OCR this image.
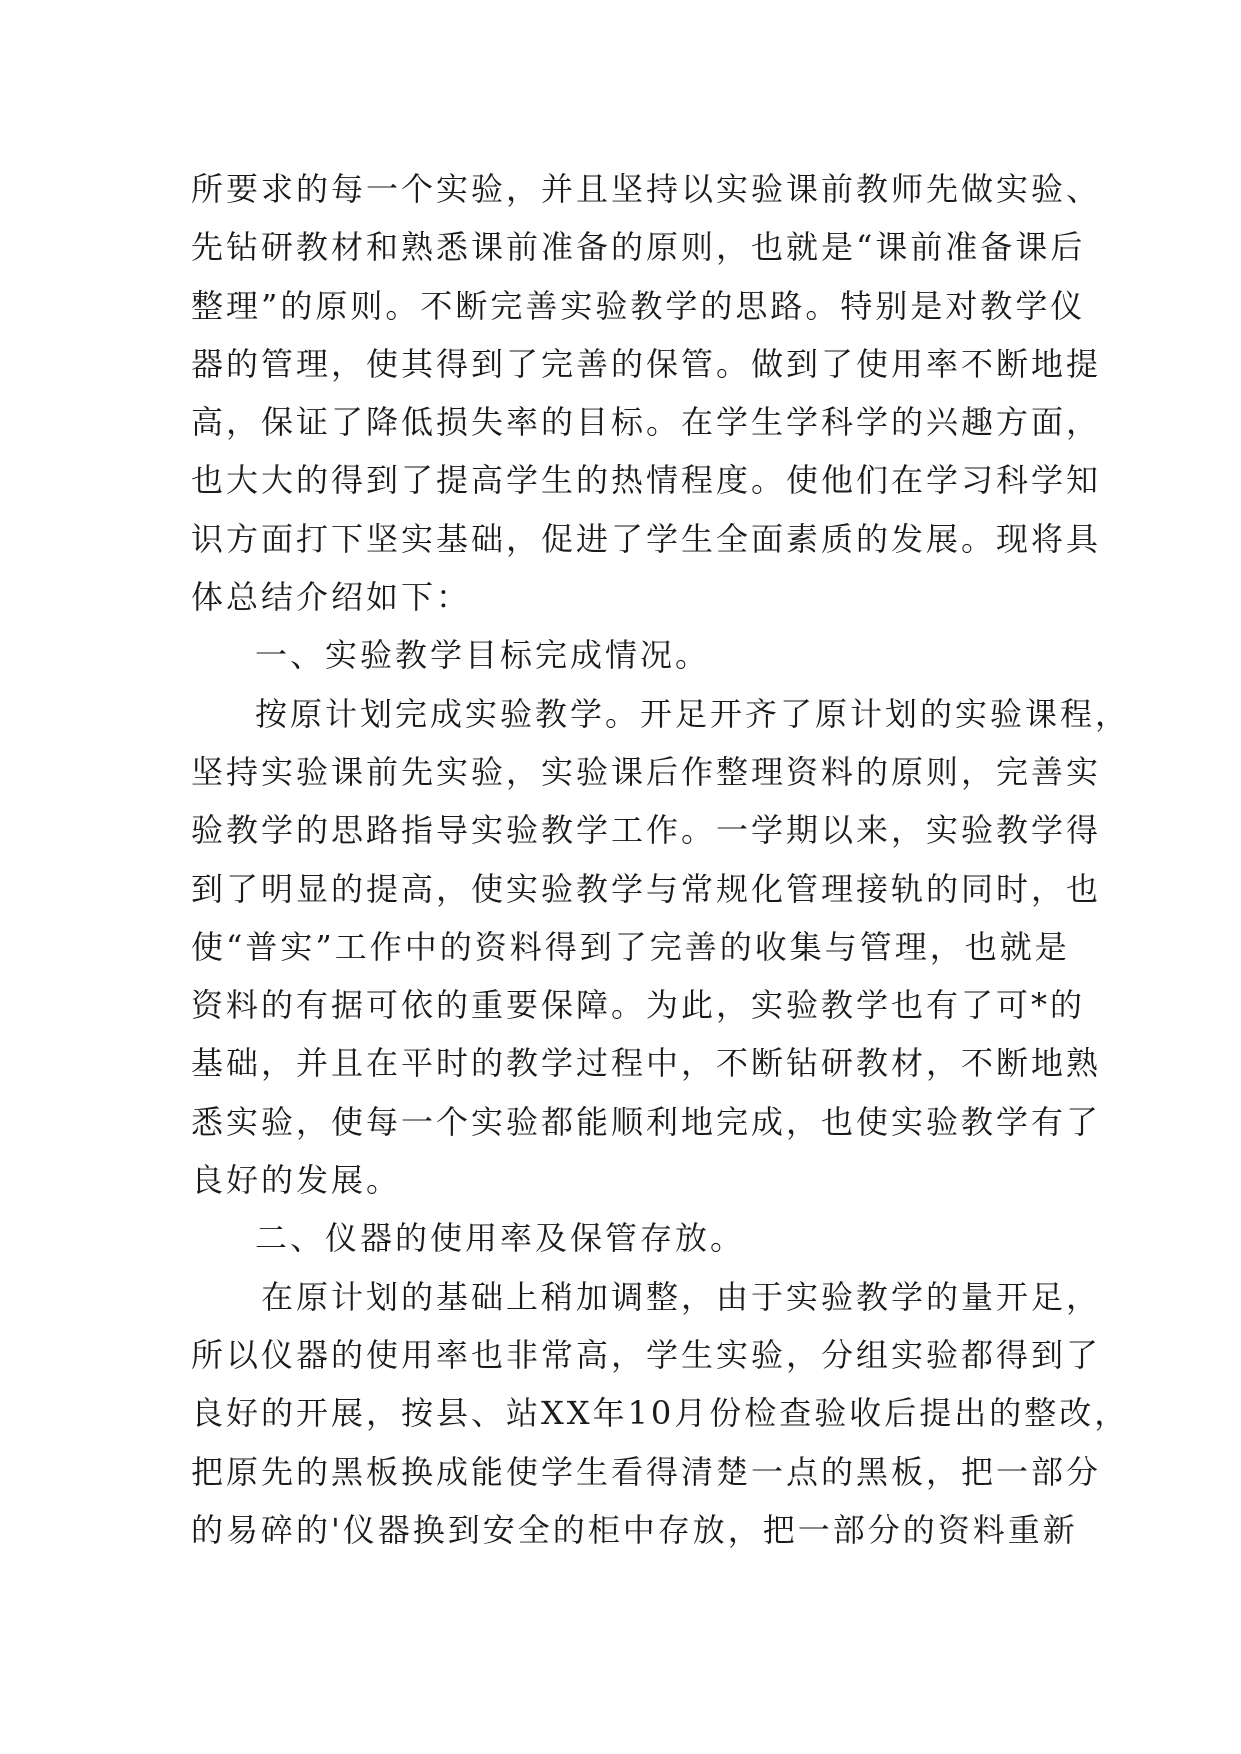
所要求的每一个实验，并且坚持以实验课前教师先做实验、
先钻研教材和熟悉课前准备的原则，也就是“课前准备课后
整理”的原则。不断完善实验教学的思路。特别是对教学仪
器的管理，使其得到了完善的保管。做到了使用率不断地提
高，保证了降低损失率的目标。在学生学科学的兴趣方面，
也大大的得到了提高学生的热情程度。使他们在学习科学知
识方面打下坚实基础，促进了学生全面素质的发展。现将具
体总结介绍如下：
一、实验教学目标完成情况。
按原计划完成实验教学。开足开齐了原计划的实验课程，
坚持实验课前先实验，实验课后作整理资料的原则，完善实
验教学的思路指导实验教学工作。一学期以来，实验教学得
到了明显的提高，使实验教学与常规化管理接轨的同时，也
使“普实”工作中的资料得到了完善的收集与管理，也就是
资料的有据可依的重要保障。为此，实验教学也有了可*的
基础，并且在平时的教学过程中，不断钻研教材，不断地熟
悉实验，使每一个实验都能顺利地完成，也使实验教学有了
良好的发展。
二、仪器的使用率及保管存放。
在原计划的基础上稍加调整，由于实验教学的量开足，
所以仪器的使用率也非常高，学生实验，分组实验都得到了
良好的开展，按县、站XX年10月份检查验收后提出的整改，
把原先的黑板换成能使学生看得清楚一点的黑板，把一部分
的易碎的'仪器换到安全的柜中存放，把一部分的资料重新
